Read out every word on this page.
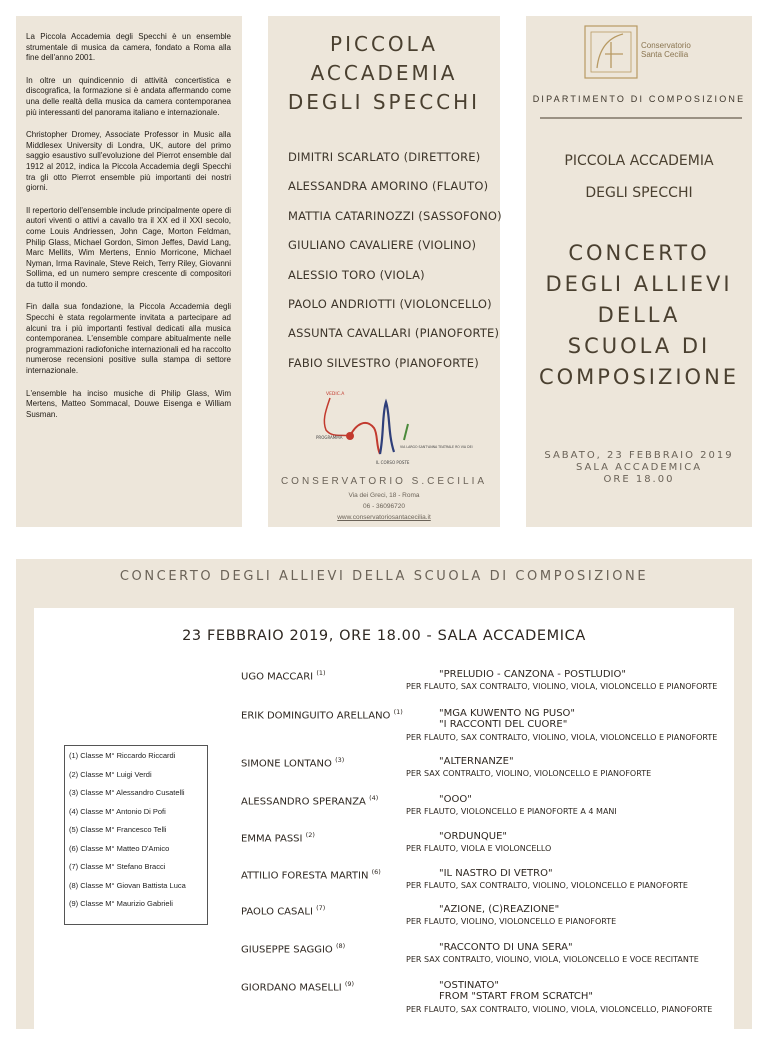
La Piccola Accademia degli Specchi è un ensemble strumentale di musica da camera, fondato a Roma alla fine dell'anno 2001.

In oltre un quindicennio di attività concertistica e discografica, la formazione si è andata affermando come una delle realtà della musica da camera contemporanea più interessanti del panorama italiano e internazionale.

Christopher Dromey, Associate Professor in Music alla Middlesex University di Londra, UK, autore del primo saggio esaustivo sull'evoluzione del Pierrot ensemble dal 1912 al 2012, indica la Piccola Accademia degli Specchi tra gli otto Pierrot ensemble più importanti dei nostri giorni.

Il repertorio dell'ensemble include principalmente opere di autori viventi o attivi a cavallo tra il XX ed il XXI secolo, come Louis Andriessen, John Cage, Morton Feldman, Philip Glass, Michael Gordon, Simon Jeffes, David Lang, Marc Mellits, Wim Mertens, Ennio Morricone, Michael Nyman, Irma Ravinale, Steve Reich, Terry Riley, Giovanni Sollima, ed un numero sempre crescente di compositori da tutto il mondo.

Fin dalla sua fondazione, la Piccola Accademia degli Specchi è stata regolarmente invitata a partecipare ad alcuni tra i più importanti festival dedicati alla musica contemporanea. L'ensemble compare abitualmente nelle programmazioni radiofoniche internazionali ed ha raccolto numerose recensioni positive sulla stampa di settore internazionale.

L'ensemble ha inciso musiche di Philip Glass, Wim Mertens, Matteo Sommacal, Douwe Eisenga e William Susman.

PICCOLA
ACCADEMIA
DEGLI SPECCHI
DIMITRI SCARLATO (DIRETTORE)
ALESSANDRA AMORINO (FLAUTO)
MATTIA CATARINOZZI (SASSOFONO)
GIULIANO CAVALIERE (VIOLINO)
ALESSIO TORO (VIOLA)
PAOLO ANDRIOTTI (VIOLONCELLO)
ASSUNTA CAVALLARI (PIANOFORTE)
FABIO SILVESTRO (PIANOFORTE)
VEDIC.A
PROGRAMMA
IL CORSO POSTE
VIA LARGO SANT'ANNA TEATRALE RO VIA DEI
CONSERVATORIO S.CECILIA
Via dei Greci, 18 - Roma
06 - 36096720
www.conservatoriosantacecilia.it
Conservatorio
Santa Cecilia
DIPARTIMENTO DI COMPOSIZIONE
PICCOLA ACCADEMIA
DEGLI SPECCHI
CONCERTO
DEGLI ALLIEVI
DELLA
SCUOLA DI
COMPOSIZIONE
SABATO, 23 FEBBRAIO 2019
SALA ACCADEMICA
ORE 18.00
CONCERTO DEGLI ALLIEVI DELLA SCUOLA DI COMPOSIZIONE
23 FEBBRAIO 2019, ORE 18.00 - SALA ACCADEMICA
(1) Classe M° Riccardo Riccardi
(2) Classe M° Luigi Verdi
(3) Classe M° Alessandro Cusatelli
(4) Classe M° Antonio Di Pofi
(5) Classe M° Francesco Telli
(6) Classe M° Matteo D'Amico
(7) Classe M° Stefano Bracci
(8) Classe M° Giovan Battista Luca
(9) Classe M° Maurizio Gabrieli
UGO MACCARI $^{(1)}$	"PRELUDIO - CANZONA - POSTLUDIO"
PER FLAUTO, SAX CONTRALTO, VIOLINO, VIOLA, VIOLONCELLO E PIANOFORTE
ERIK DOMINGUITO ARELLANO $^{(1)}$	"MGA KUWENTO NG PUSO"
"I RACCONTI DEL CUORE"
PER FLAUTO, SAX CONTRALTO, VIOLINO, VIOLA, VIOLONCELLO E PIANOFORTE
SIMONE LONTANO $^{(3)}$	"ALTERNANZE"
PER SAX CONTRALTO, VIOLINO, VIOLONCELLO E PIANOFORTE
ALESSANDRO SPERANZA $^{(4)}$	"OOO"
PER FLAUTO, VIOLONCELLO E PIANOFORTE A 4 MANI
EMMA PASSI $^{(2)}$	"ORDUNQUE"
PER FLAUTO, VIOLA E VIOLONCELLO
ATTILIO FORESTA MARTIN $^{(6)}$	"IL NASTRO DI VETRO"
PER FLAUTO, SAX CONTRALTO, VIOLINO, VIOLONCELLO E PIANOFORTE
PAOLO CASALI $^{(7)}$	"AZIONE, (C)REAZIONE"
PER FLAUTO, VIOLINO, VIOLONCELLO E PIANOFORTE
GIUSEPPE SAGGIO $^{(8)}$	"RACCONTO DI UNA SERA"
PER SAX CONTRALTO, VIOLINO, VIOLA, VIOLONCELLO E VOCE RECITANTE
GIORDANO MASELLI $^{(9)}$	"OSTINATO"
FROM "START FROM SCRATCH"
PER FLAUTO, SAX CONTRALTO, VIOLINO, VIOLA, VIOLONCELLO, PIANOFORTE
